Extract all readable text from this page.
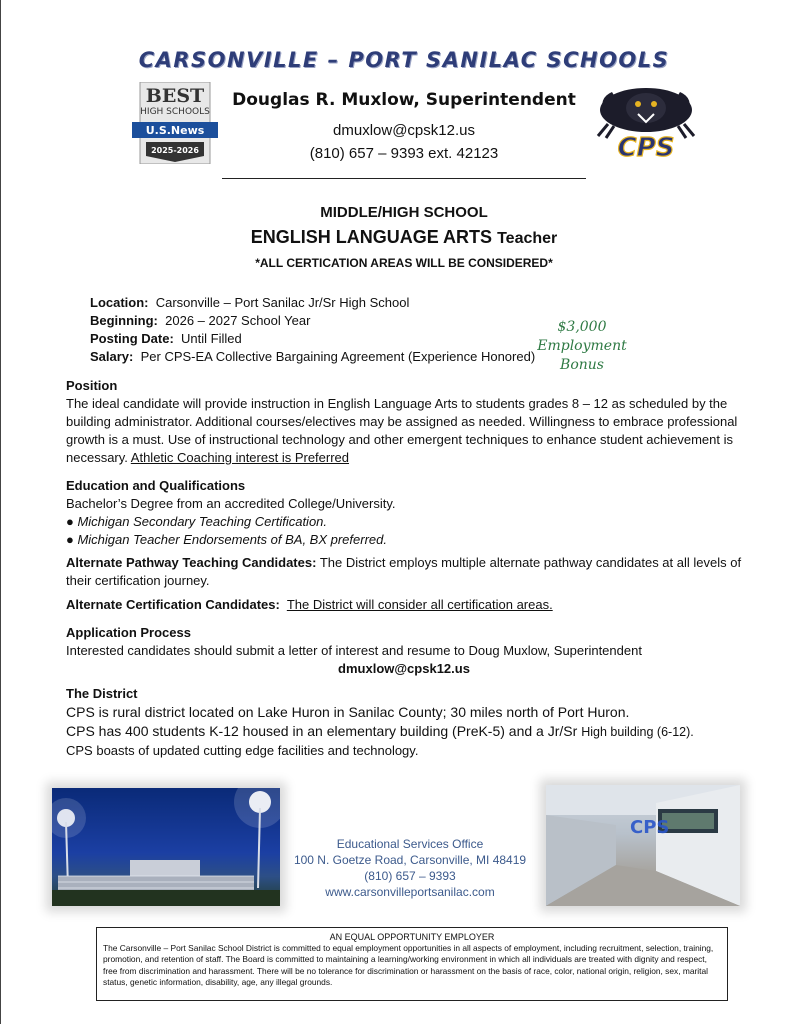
CARSONVILLE – PORT SANILAC SCHOOLS
BEST
HIGH SCHOOLS
U.S.News
2025-2026	CPS
Douglas R. Muxlow, Superintendent
dmuxlow@cpsk12.us
(810) 657 – 9393 ext. 42123
MIDDLE/HIGH SCHOOL
ENGLISH LANGUAGE ARTS Teacher
*ALL CERTICATION AREAS WILL BE CONSIDERED*
Location: Carsonville – Port Sanilac Jr/Sr High School
Beginning: 2026 – 2027 School Year
Posting Date: Until Filled
Salary: Per CPS-EA Collective Bargaining Agreement (Experience Honored)
$3,000
Employment
Bonus
Position
The ideal candidate will provide instruction in English Language Arts to students grades 8 – 12 as scheduled by the building administrator. Additional courses/electives may be assigned as needed. Willingness to embrace professional growth is a must. Use of instructional technology and other emergent techniques to enhance student achievement is necessary. Athletic Coaching interest is Preferred
Education and Qualifications
Bachelor’s Degree from an accredited College/University.
● Michigan Secondary Teaching Certification.
● Michigan Teacher Endorsements of BA, BX preferred.
Alternate Pathway Teaching Candidates: The District employs multiple alternate pathway candidates at all levels of their certification journey.
Alternate Certification Candidates: The District will consider all certification areas.
Application Process
Interested candidates should submit a letter of interest and resume to Doug Muxlow, Superintendent
dmuxlow@cpsk12.us
The District
CPS is rural district located on Lake Huron in Sanilac County; 30 miles north of Port Huron.
CPS has 400 students K-12 housed in an elementary building (PreK-5) and a Jr/Sr High building (6-12).
CPS boasts of updated cutting edge facilities and technology.
Educational Services Office
100 N. Goetze Road, Carsonville, MI 48419
(810) 657 – 9393
www.carsonvilleportsanilac.com
CPS
AN EQUAL OPPORTUNITY EMPLOYER
The Carsonville – Port Sanilac School District is committed to equal employment opportunities in all aspects of employment, including recruitment, selection, training, promotion, and retention of staff. The Board is committed to maintaining a learning/working environment in which all individuals are treated with dignity and respect, free from discrimination and harassment. There will be no tolerance for discrimination or harassment on the basis of race, color, national origin, religion, sex, marital status, genetic information, disability, age, any illegal grounds.
